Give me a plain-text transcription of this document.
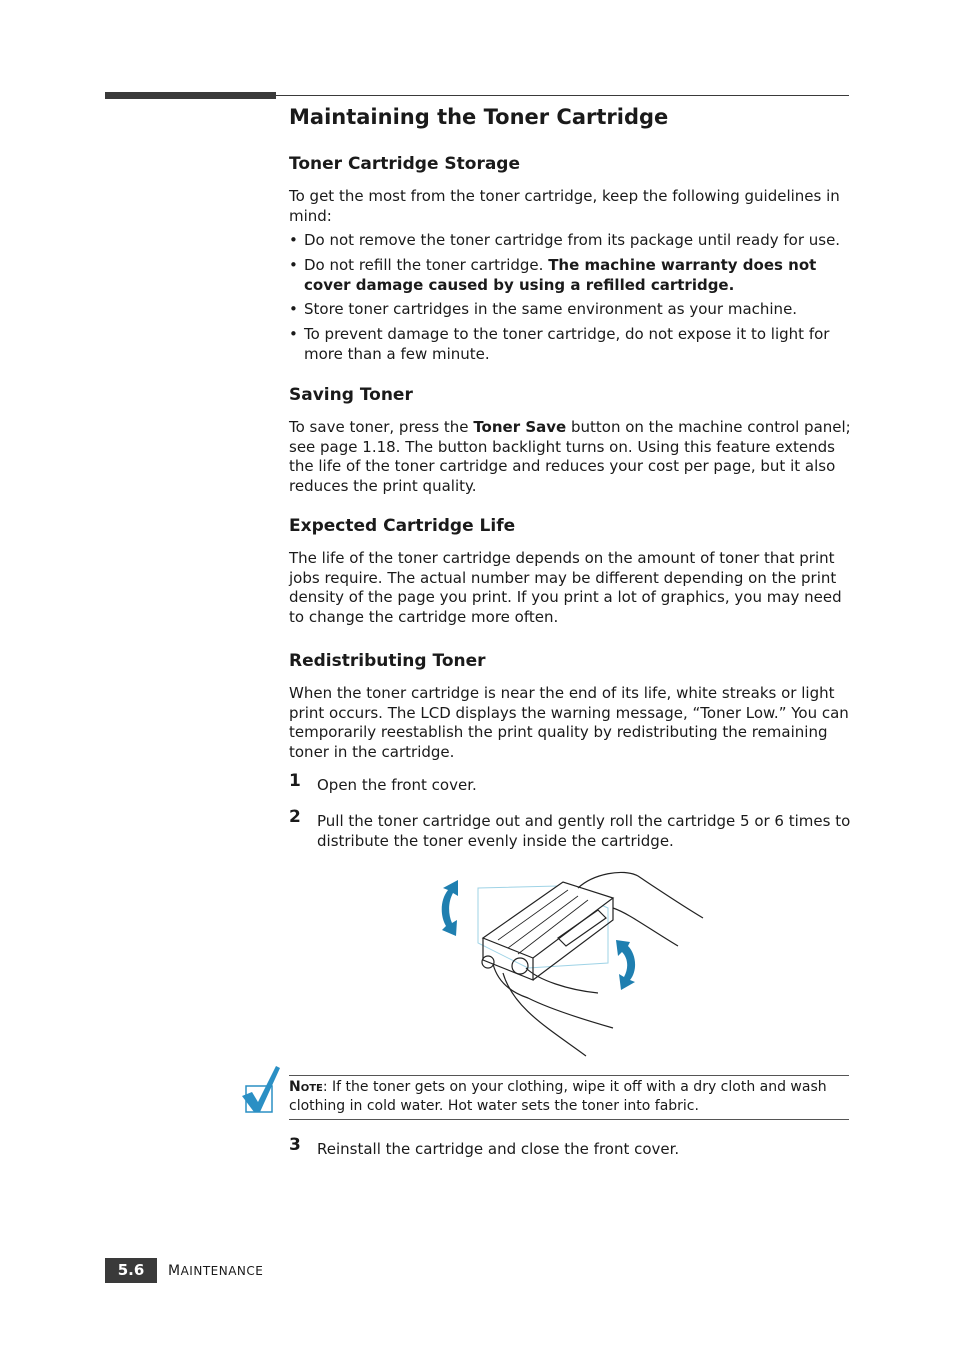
Maintaining the Toner Cartridge
Toner Cartridge Storage

To get the most from the toner cartridge, keep the following guidelines in mind:

• Do not remove the toner cartridge from its package until ready for use.
• Do not refill the toner cartridge. The machine warranty does not cover damage caused by using a refilled cartridge.
• Store toner cartridges in the same environment as your machine.
• To prevent damage to the toner cartridge, do not expose it to light for more than a few minute.
Saving Toner

To save toner, press the Toner Save button on the machine control panel; see page 1.18. The button backlight turns on. Using this feature extends the life of the toner cartridge and reduces your cost per page, but it also reduces the print quality.

Expected Cartridge Life

The life of the toner cartridge depends on the amount of toner that print jobs require. The actual number may be different depending on the print density of the page you print. If you print a lot of graphics, you may need to change the cartridge more often.

Redistributing Toner

When the toner cartridge is near the end of its life, white streaks or light print occurs. The LCD displays the warning message, “Toner Low.” You can temporarily reestablish the print quality by redistributing the remaining toner in the cartridge.

1 Open the front cover.
2 Pull the toner cartridge out and gently roll the cartridge 5 or 6 times to distribute the toner evenly inside the cartridge.
NOTE: If the toner gets on your clothing, wipe it off with a dry cloth and wash clothing in cold water. Hot water sets the toner into fabric.
3 Reinstall the cartridge and close the front cover.
5.6	MAINTENANCE
